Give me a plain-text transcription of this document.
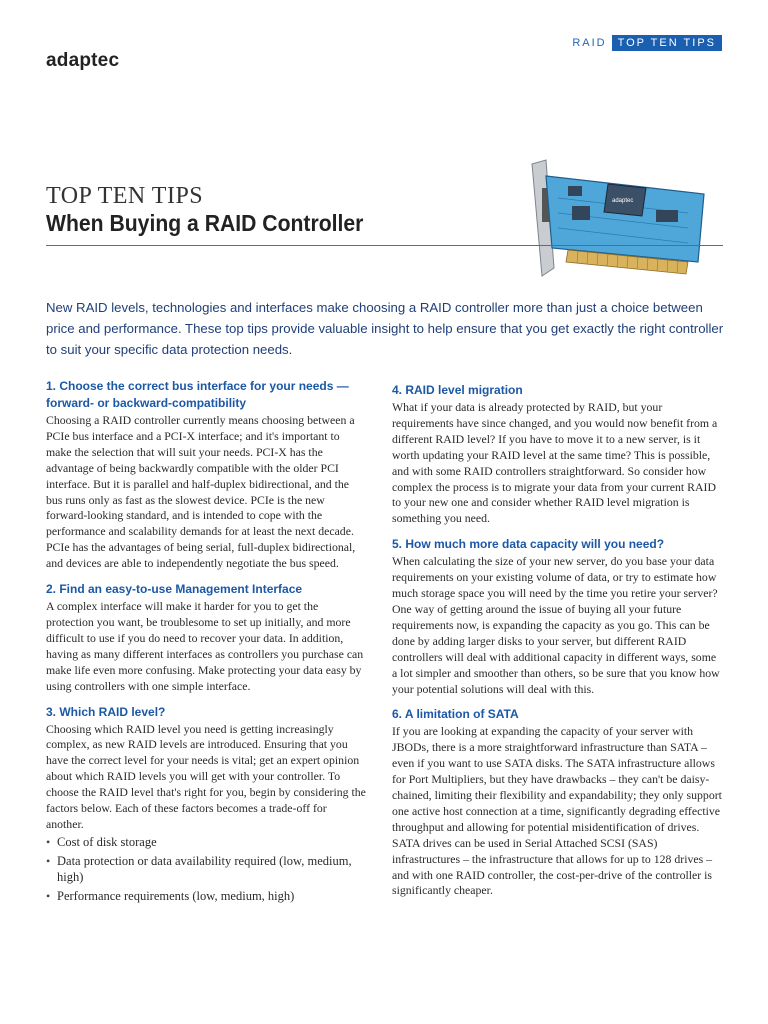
adaptec
RAID	TOP TEN TIPS
adaptec
TOP TEN TIPS
When Buying a RAID Controller
New RAID levels, technologies and interfaces make choosing a RAID controller more than just a choice between price and performance. These top tips provide valuable insight to help ensure that you get exactly the right controller to suit your specific data protection needs.
1. Choose the correct bus interface for your needs — forward- or backward-compatibility

Choosing a RAID controller currently means choosing between a PCIe bus interface and a PCI-X interface; and it's important to make the selection that will suit your needs. PCI-X has the advantage of being backwardly compatible with the older PCI interface. But it is parallel and half-duplex bidirectional, and the bus runs only as fast as the slowest device. PCIe is the new forward-looking standard, and is intended to cope with the performance and scalability demands for at least the next decade. PCIe has the advantages of being serial, full-duplex bidirectional, and devices are able to independently negotiate the bus speed.

2. Find an easy-to-use Management Interface

A complex interface will make it harder for you to get the protection you want, be troublesome to set up initially, and more difficult to use if you do need to recover your data. In addition, having as many different interfaces as controllers you purchase can make life even more confusing. Make protecting your data easy by using controllers with one simple interface.

3. Which RAID level?

Choosing which RAID level you need is getting increasingly complex, as new RAID levels are introduced. Ensuring that you have the correct level for your needs is vital; get an expert opinion about which RAID levels you will get with your controller. To choose the RAID level that's right for you, begin by considering the factors below. Each of these factors becomes a trade-off for another.

• Cost of disk storage
• Data protection or data availability required (low, medium, high)
• Performance requirements (low, medium, high)
4. RAID level migration

What if your data is already protected by RAID, but your requirements have since changed, and you would now benefit from a different RAID level? If you have to move it to a new server, is it worth updating your RAID level at the same time? This is possible, and with some RAID controllers straightforward. So consider how complex the process is to migrate your data from your current RAID to your new one and consider whether RAID level migration is something you need.

5. How much more data capacity will you need?

When calculating the size of your new server, do you base your data requirements on your existing volume of data, or try to estimate how much storage space you will need by the time you retire your server? One way of getting around the issue of buying all your future requirements now, is expanding the capacity as you go. This can be done by adding larger disks to your server, but different RAID controllers will deal with additional capacity in different ways, some a lot simpler and smoother than others, so be sure that you know how your potential solutions will deal with this.

6. A limitation of SATA

If you are looking at expanding the capacity of your server with JBODs, there is a more straightforward infrastructure than SATA – even if you want to use SATA disks. The SATA infrastructure allows for Port Multipliers, but they have drawbacks – they can't be daisy-chained, limiting their flexibility and expandability; they only support one active host connection at a time, significantly degrading effective throughput and allowing for potential misidentification of drives. SATA drives can be used in Serial Attached SCSI (SAS) infrastructures – the infrastructure that allows for up to 128 drives – and with one RAID controller, the cost-per-drive of the controller is significantly cheaper.
